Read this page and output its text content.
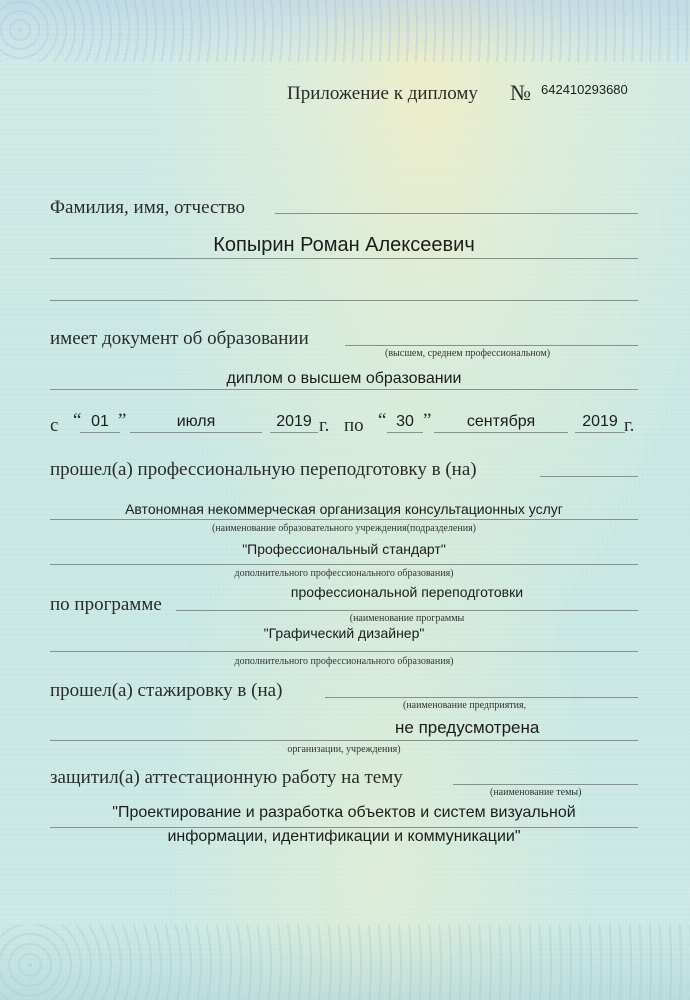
Приложение к диплому № 642410293680
Фамилия, имя, отчество
Копырин Роман Алексеевич
имеет документ об образовании
(высшем, среднем профессиональном)
диплом о высшем образовании
с “ 01 ”	июля	2019 г. по “ 30 ”	сентября	2019 г.
прошел(а) профессиональную переподготовку в (на)
Автономная некоммерческая организация консультационных услуг
(наименование образовательного учреждения(подразделения)
"Профессиональный стандарт"
дополнительного профессионального образования)
по программе
профессиональной переподготовки
(наименование программы
"Графический дизайнер"
дополнительного профессионального образования)
прошел(а) стажировку в (на)
(наименование предприятия,
не предусмотрена
организации, учреждения)
защитил(а) аттестационную работу на тему
(наименование темы)
"Проектирование и разработка объектов и систем визуальной
информации, идентификации и коммуникации"
